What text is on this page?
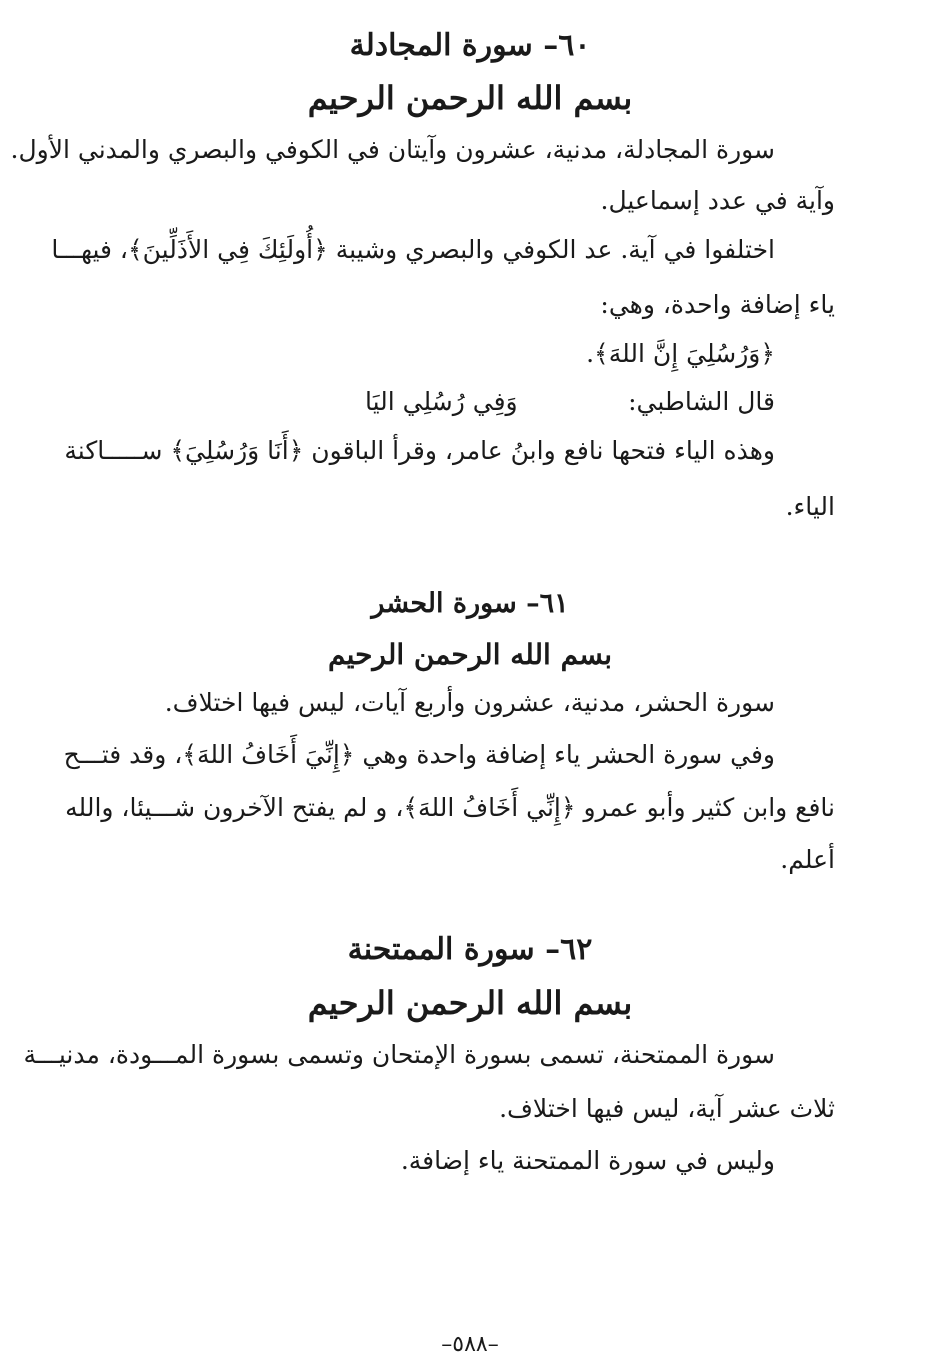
٦٠– سورة المجادلة
بسم الله الرحمن الرحيم

سورة المجادلة، مدنية، عشرون وآيتان في الكوفي والبصري والمدني الأول.

وآية في عدد إسماعيل.

اختلفوا في آية. عد الكوفي والبصري وشيبة ﴿أُولَئِكَ فِي الأَذَلِّينَ﴾، فيهـــا

ياء إضافة واحدة، وهي:

﴿وَرُسُلِيَ إِنَّ اللهَ﴾.

قال الشاطبي:

وَفِي رُسُلِي اليَا

وهذه الياء فتحها نافع وابنُ عامر، وقرأ الباقون ﴿أَنَا وَرُسُلِيَ﴾ ســـــاكنة

الياء.

٦١– سورة الحشر
بسم الله الرحمن الرحيم

سورة الحشر، مدنية، عشرون وأربع آيات، ليس فيها اختلاف.

وفي سورة الحشر ياء إضافة واحدة وهي ﴿إِنِّيَ أَخَافُ اللهَ﴾، وقد فتـــح

نافع وابن كثير وأبو عمرو ﴿إِنِّي أَخَافُ اللهَ﴾، و لم يفتح الآخرون شـــيئا، والله

أعلم.

٦٢– سورة الممتحنة
بسم الله الرحمن الرحيم

سورة الممتحنة، تسمى بسورة الإمتحان وتسمى بسورة المـــودة، مدنيـــة

ثلاث عشر آية، ليس فيها اختلاف.

وليس في سورة الممتحنة ياء إضافة.

–٥٨٨–
